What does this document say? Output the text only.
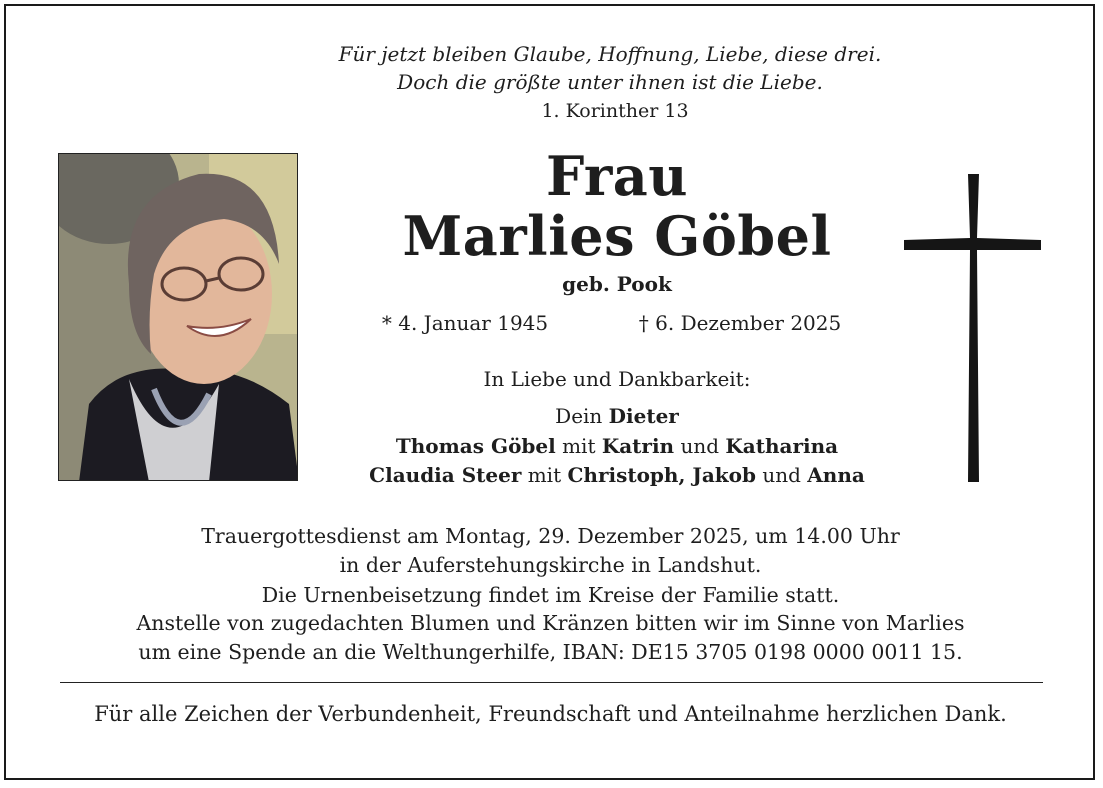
Für jetzt bleiben Glaube, Hoffnung, Liebe, diese drei.
Doch die größte unter ihnen ist die Liebe.
1. Korinther 13
Frau
Marlies Göbel
geb. Pook
* 4. Januar 1945	† 6. Dezember 2025
In Liebe und Dankbarkeit:
Dein Dieter
Thomas Göbel mit Katrin und Katharina
Claudia Steer mit Christoph, Jakob und Anna
Trauergottesdienst am Montag, 29. Dezember 2025, um 14.00 Uhr
in der Auferstehungskirche in Landshut.
Die Urnenbeisetzung findet im Kreise der Familie statt.
Anstelle von zugedachten Blumen und Kränzen bitten wir im Sinne von Marlies
um eine Spende an die Welthungerhilfe, IBAN: DE15 3705 0198 0000 0011 15.
Für alle Zeichen der Verbundenheit, Freundschaft und Anteilnahme herzlichen Dank.
